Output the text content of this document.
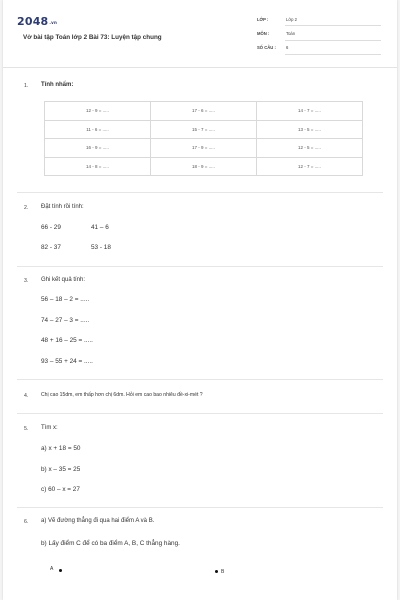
2048.vn
Vở bài tập Toán lớp 2 Bài 73: Luyện tập chung
LỚP :	Lớp 2
MÔN :	Toán
SỐ CÂU : 6
1. Tính nhẩm:
12 - 9 = .....	17 - 6 = .....	14 - 7 = .....
11 - 6 = .....	15 - 7 = .....	13 - 5 = .....
16 - 9 = .....	17 - 9 = .....	12 - 5 = .....
14 - 8 = .....	18 - 9 = .....	12 - 7 = .....
2. Đặt tính rồi tính:
66 - 29	41 – 6
82 - 37	53 - 18
3. Ghi kết quả tính:
56 – 18 – 2 = .....
74 – 27 – 3 = .....
48 + 16 – 25 = .....
93 – 55 + 24 = .....
4. Chị cao 15dm, em thấp hơn chị 6dm. Hỏi em cao bao nhiêu đề-xi-mét ?
5. Tìm x:
a) x + 18 = 50
b) x – 35 = 25
c) 60 – x = 27
6. a) Vẽ đường thẳng đi qua hai điểm A và B.
b) Lấy điểm C để có ba điểm A, B, C thẳng hàng.
A	B
